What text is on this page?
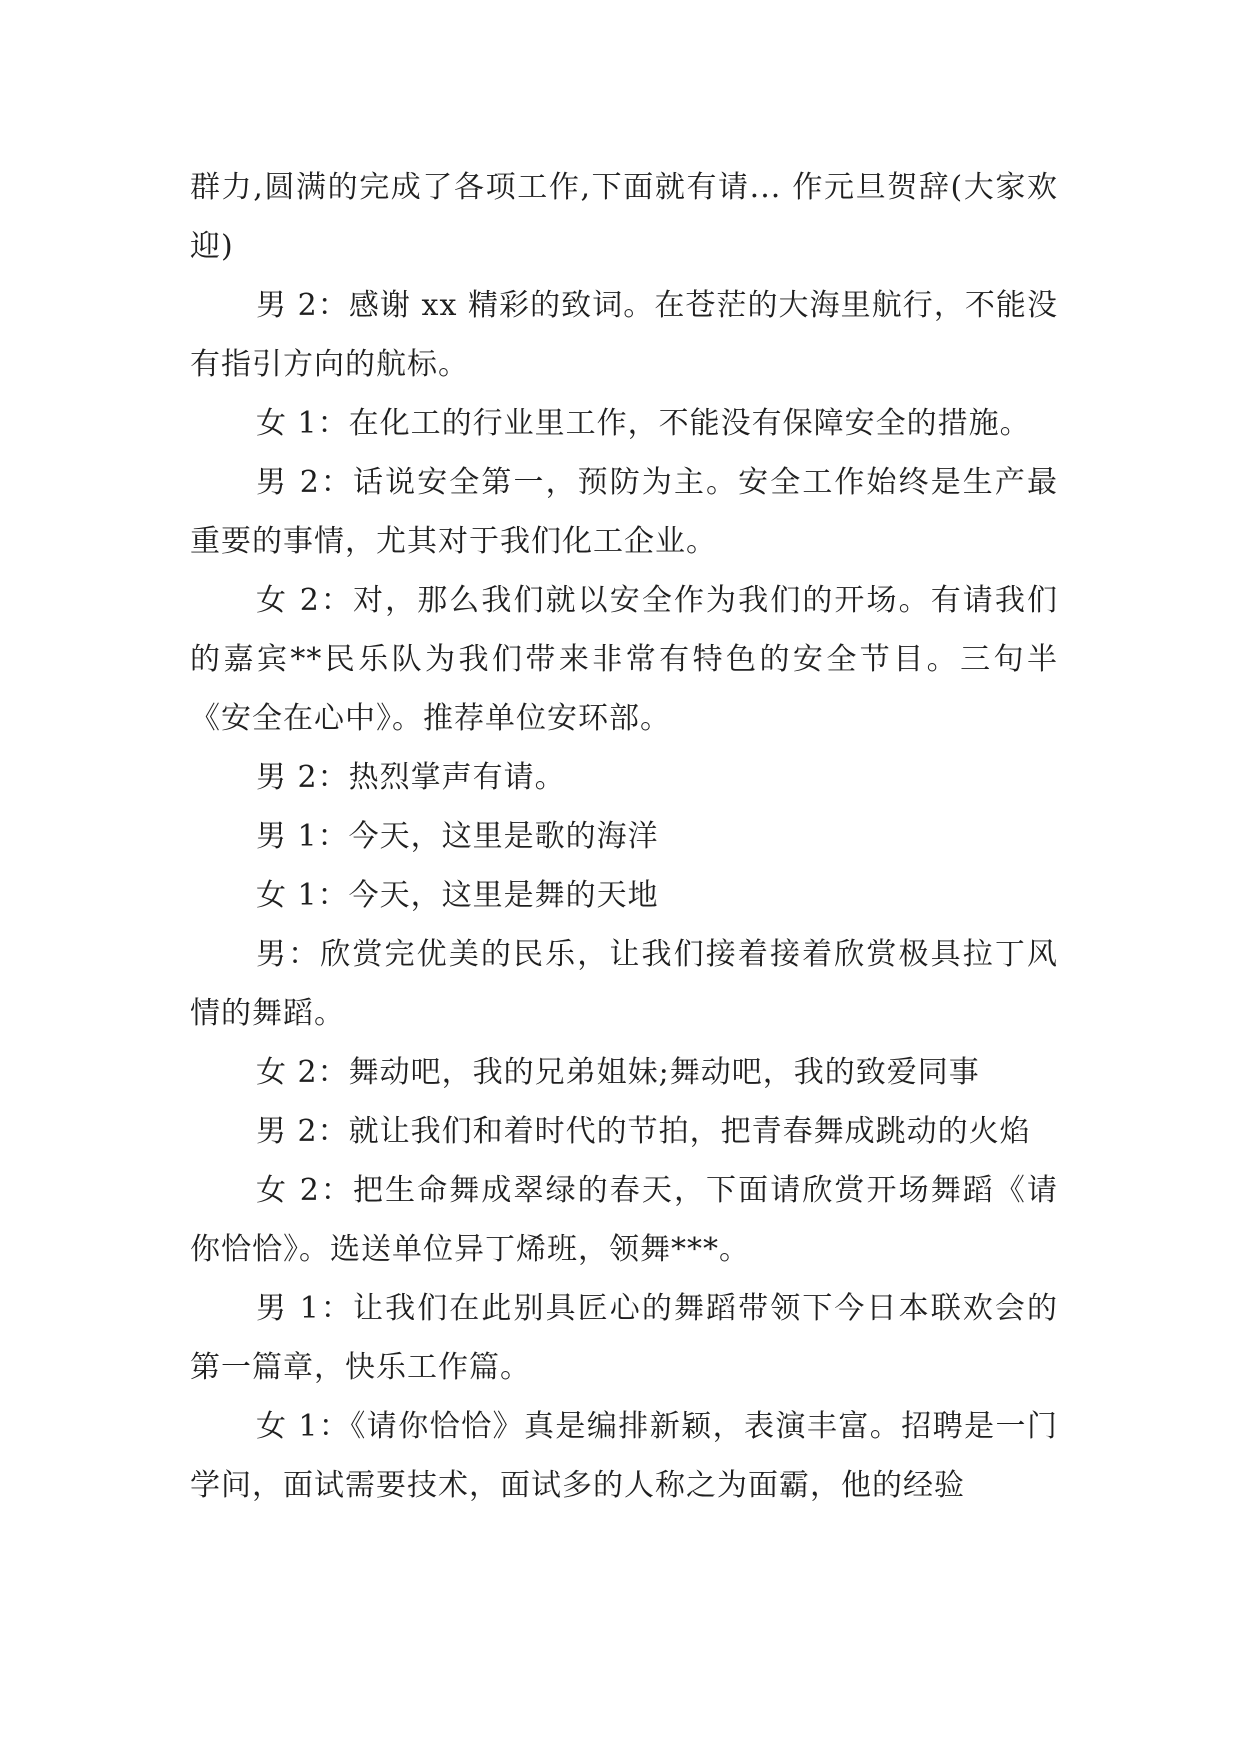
群力,圆满的完成了各项工作,下面就有请... 作元旦贺辞(大家欢迎)

男 2：感谢 xx 精彩的致词。在苍茫的大海里航行，不能没有指引方向的航标。

女 1：在化工的行业里工作，不能没有保障安全的措施。

男 2：话说安全第一，预防为主。安全工作始终是生产最重要的事情，尤其对于我们化工企业。

女 2：对，那么我们就以安全作为我们的开场。有请我们的嘉宾**民乐队为我们带来非常有特色的安全节目。三句半《安全在心中》。推荐单位安环部。

男 2：热烈掌声有请。

男 1：今天，这里是歌的海洋

女 1：今天，这里是舞的天地

男：欣赏完优美的民乐，让我们接着接着欣赏极具拉丁风情的舞蹈。

女 2：舞动吧，我的兄弟姐妹;舞动吧，我的致爱同事

男 2：就让我们和着时代的节拍，把青春舞成跳动的火焰

女 2：把生命舞成翠绿的春天，下面请欣赏开场舞蹈《请你恰恰》。选送单位异丁烯班，领舞***。

男 1：让我们在此别具匠心的舞蹈带领下今日本联欢会的第一篇章，快乐工作篇。

女 1：《请你恰恰》真是编排新颖，表演丰富。招聘是一门学问，面试需要技术，面试多的人称之为面霸，他的经验
